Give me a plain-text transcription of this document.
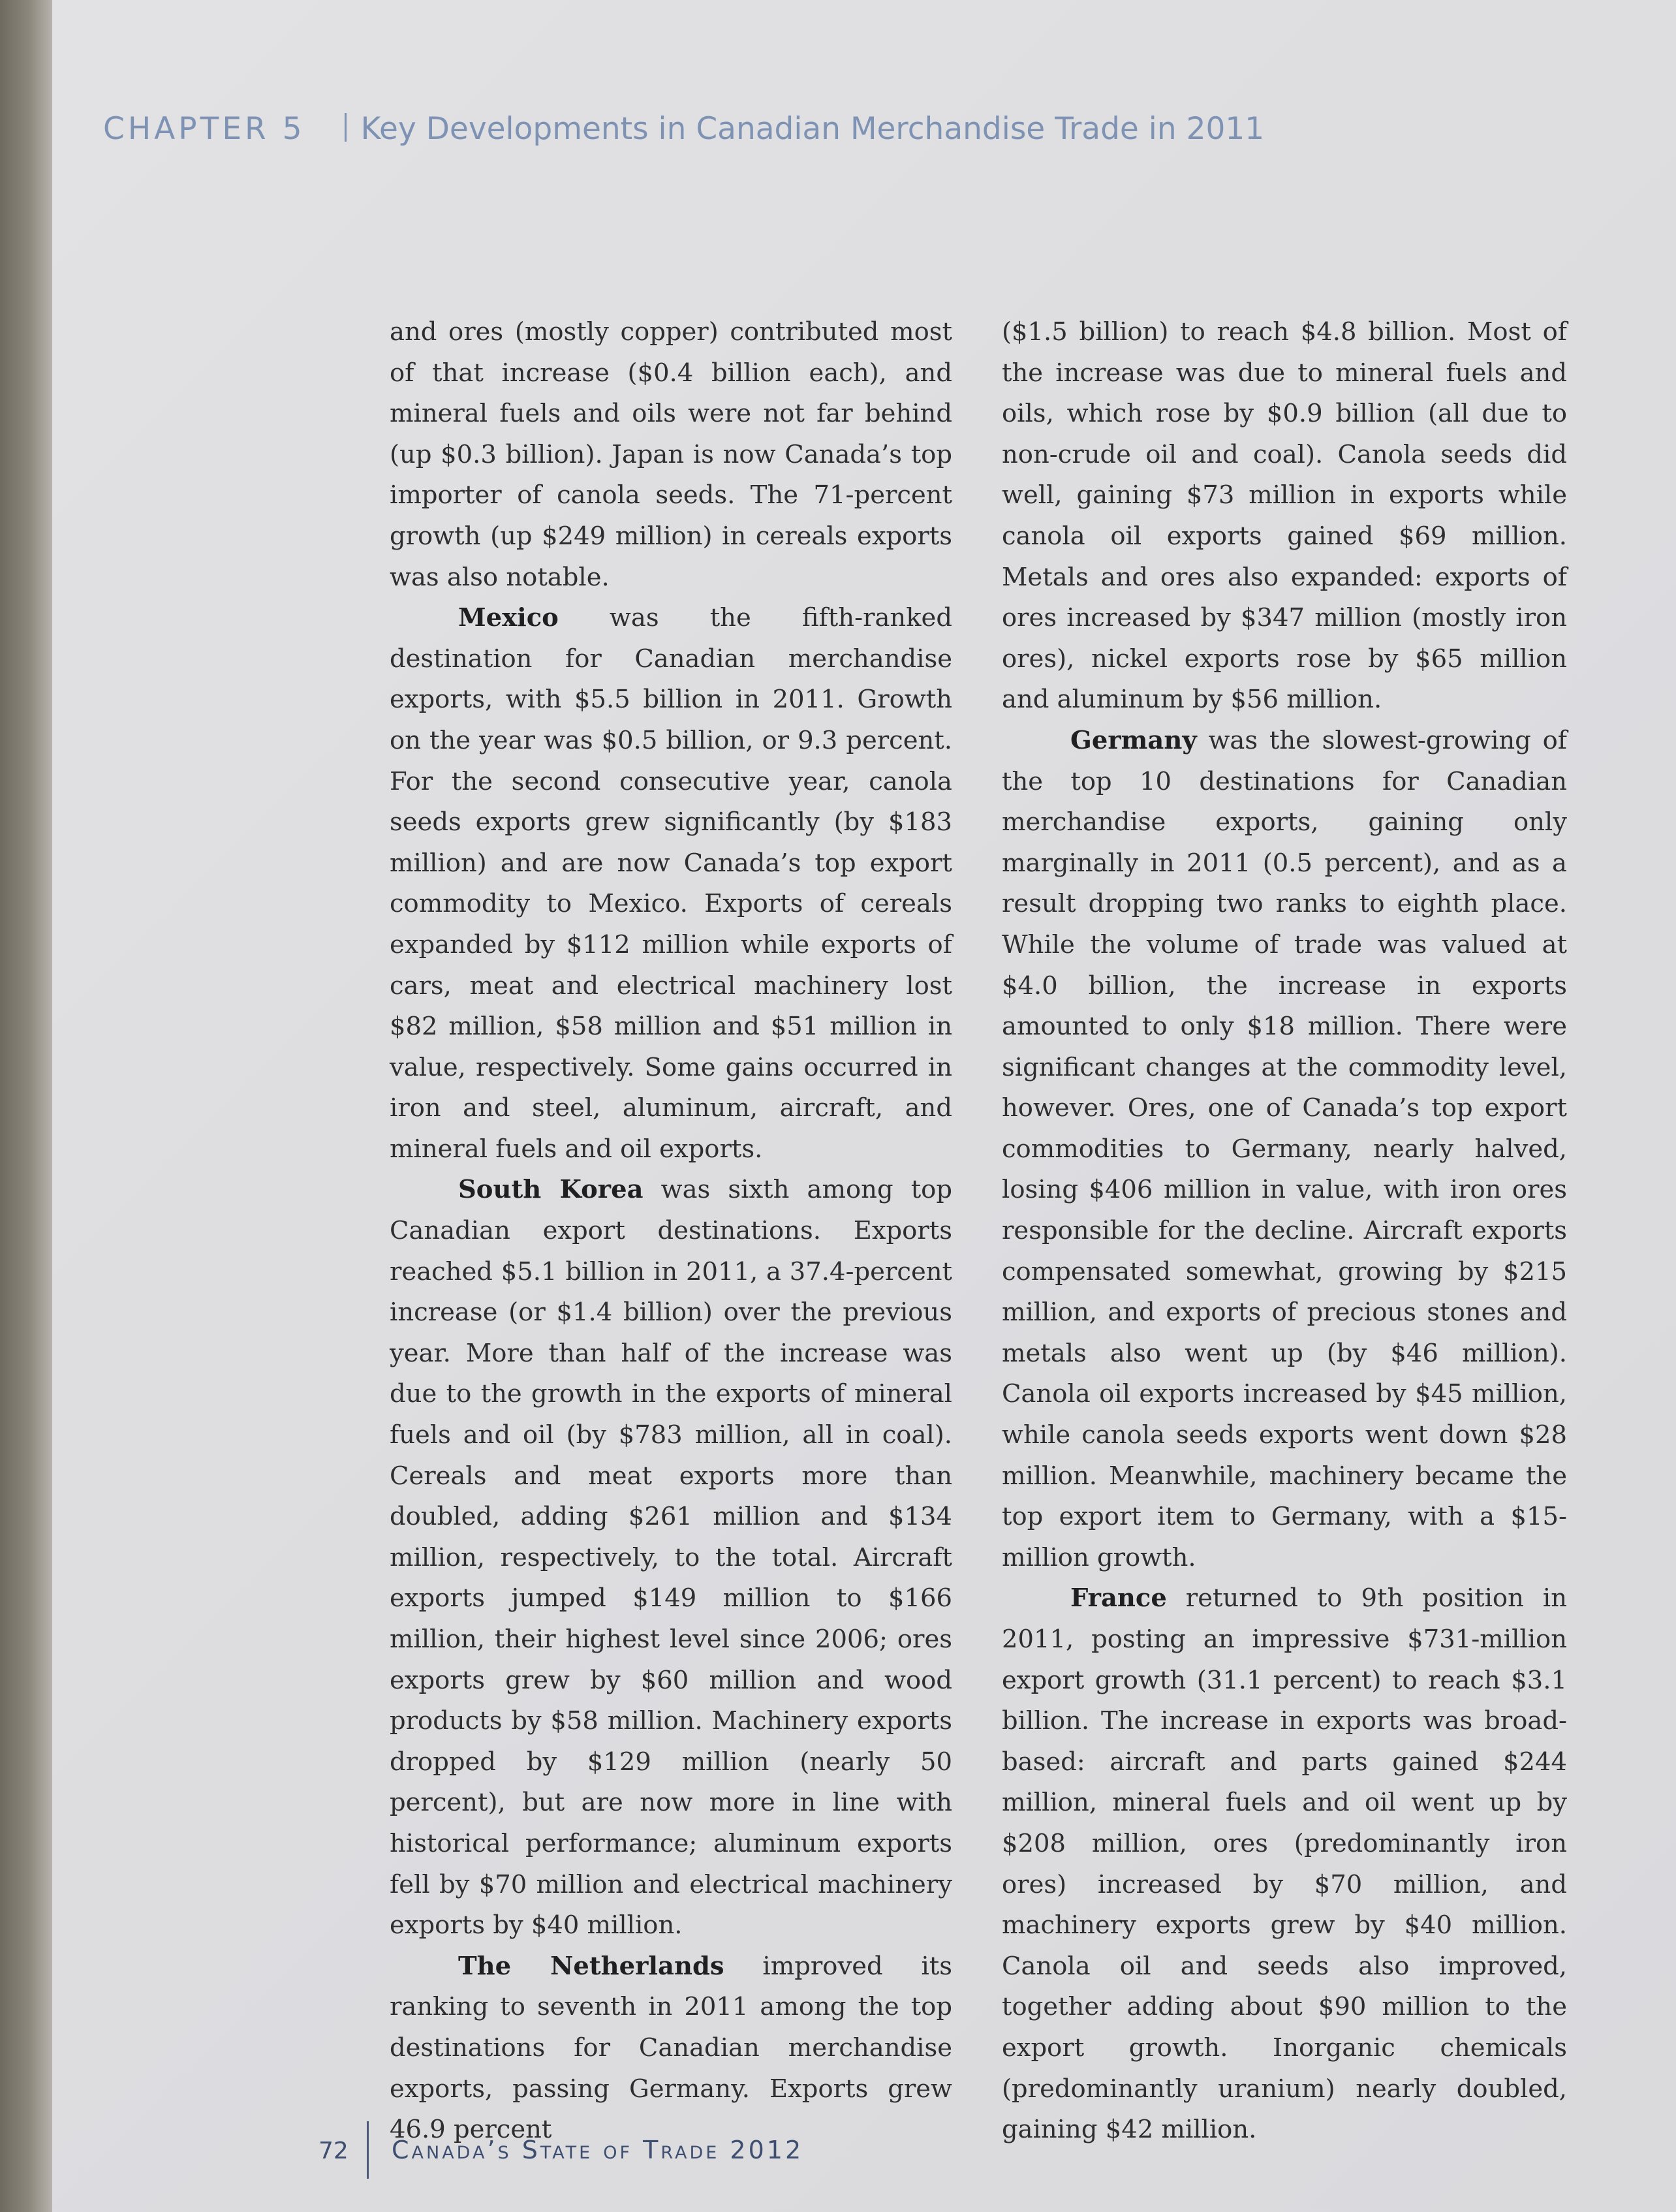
CHAPTER 5 Key Developments in Canadian Merchandise Trade in 2011

and ores (mostly copper) contributed most of that increase ($0.4 billion each), and mineral fuels and oils were not far behind (up $0.3 billion). Japan is now Canada’s top importer of canola seeds. The 71-percent growth (up $249 million) in cereals exports was also notable.

Mexico was the fifth-ranked destination for Canadian merchandise exports, with $5.5 billion in 2011. Growth on the year was $0.5 billion, or 9.3 percent. For the second consecutive year, canola seeds exports grew significantly (by $183 million) and are now Canada’s top export commodity to Mexico. Exports of cereals expanded by $112 million while exports of cars, meat and electrical machinery lost $82 million, $58 million and $51 million in value, respectively. Some gains occurred in iron and steel, aluminum, aircraft, and mineral fuels and oil exports.

South Korea was sixth among top Canadian export destinations. Exports reached $5.1 billion in 2011, a 37.4-percent increase (or $1.4 billion) over the previous year. More than half of the increase was due to the growth in the exports of mineral fuels and oil (by $783 million, all in coal). Cereals and meat exports more than doubled, adding $261 million and $134 million, respectively, to the total. Aircraft exports jumped $149 million to $166 million, their highest level since 2006; ores exports grew by $60 million and wood products by $58 million. Machinery exports dropped by $129 million (nearly 50 percent), but are now more in line with historical performance; aluminum exports fell by $70 million and electrical machinery exports by $40 million.

The Netherlands improved its ranking to seventh in 2011 among the top destinations for Canadian merchandise exports, passing Germany. Exports grew 46.9 percent

($1.5 billion) to reach $4.8 billion. Most of the increase was due to mineral fuels and oils, which rose by $0.9 billion (all due to non-crude oil and coal). Canola seeds did well, gaining $73 million in exports while canola oil exports gained $69 million. Metals and ores also expanded: exports of ores increased by $347 million (mostly iron ores), nickel exports rose by $65 million and aluminum by $56 million.

Germany was the slowest-growing of the top 10 destinations for Canadian merchandise exports, gaining only marginally in 2011 (0.5 percent), and as a result dropping two ranks to eighth place. While the volume of trade was valued at $4.0 billion, the increase in exports amounted to only $18 million. There were significant changes at the commodity level, however. Ores, one of Canada’s top export commodities to Germany, nearly halved, losing $406 million in value, with iron ores responsible for the decline. Aircraft exports compensated somewhat, growing by $215 million, and exports of precious stones and metals also went up (by $46 million). Canola oil exports increased by $45 million, while canola seeds exports went down $28 million. Meanwhile, machinery became the top export item to Germany, with a $15-million growth.

France returned to 9th position in 2011, posting an impressive $731-million export growth (31.1 percent) to reach $3.1 billion. The increase in exports was broad-based: aircraft and parts gained $244 million, mineral fuels and oil went up by $208 million, ores (predominantly iron ores) increased by $70 million, and machinery exports grew by $40 million. Canola oil and seeds also improved, together adding about $90 million to the export growth. Inorganic chemicals (predominantly uranium) nearly doubled, gaining $42 million.

72 Canada’s State of Trade 2012
